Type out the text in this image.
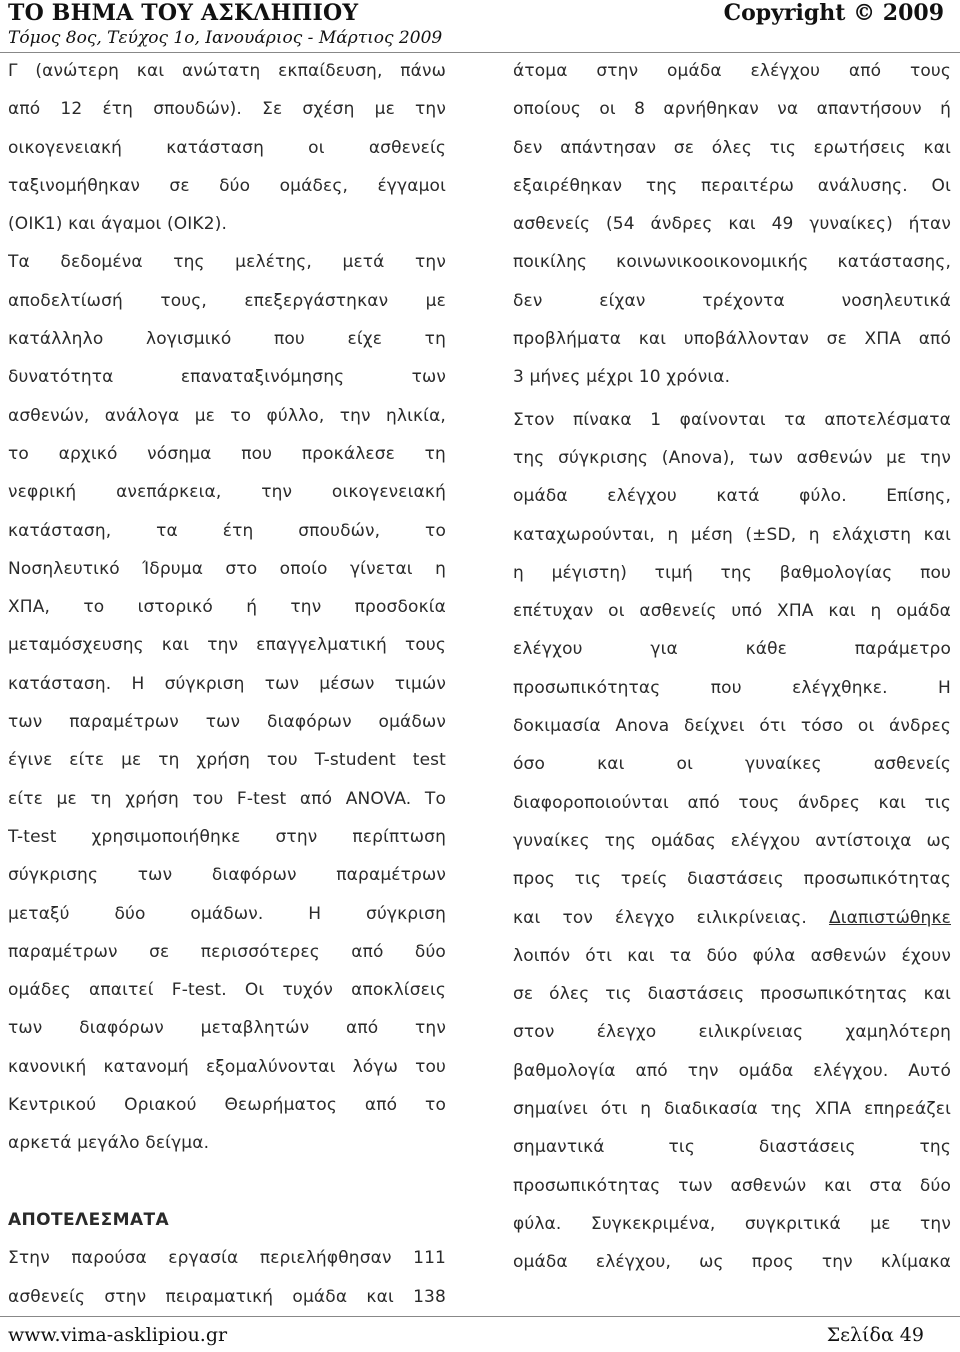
ΤΟ ΒΗΜΑ ΤΟΥ ΑΣΚΛΗΠΙΟΥ	Copyright © 2009
Τόμος 8ος, Τεύχος 1ο, Ιανουάριος - Μάρτιος 2009
Γ (ανώτερη και ανώτατη εκπαίδευση, πάνω
από 12 έτη σπουδών). Σε σχέση με την
οικογενειακή κατάσταση οι ασθενείς
ταξινομήθηκαν σε δύο ομάδες, έγγαμοι
(ΟΙΚ1) και άγαμοι (ΟΙΚ2).
Τα δεδομένα της μελέτης, μετά την
αποδελτίωσή τους, επεξεργάστηκαν με
κατάλληλο λογισμικό που είχε τη
δυνατότητα επαναταξινόμησης των
ασθενών, ανάλογα με το φύλλο, την ηλικία,
το αρχικό νόσημα που προκάλεσε τη
νεφρική ανεπάρκεια, την οικογενειακή
κατάσταση, τα έτη σπουδών, το
Νοσηλευτικό Ίδρυμα στο οποίο γίνεται η
ΧΠΑ, το ιστορικό ή την προσδοκία
μεταμόσχευσης και την επαγγελματική τους
κατάσταση. Η σύγκριση των μέσων τιμών
των παραμέτρων των διαφόρων ομάδων
έγινε είτε με τη χρήση του T-student test
είτε με τη χρήση του F-test από ANOVA. Το
T-test χρησιμοποιήθηκε στην περίπτωση
σύγκρισης των διαφόρων παραμέτρων
μεταξύ δύο ομάδων. Η σύγκριση
παραμέτρων σε περισσότερες από δύο
ομάδες απαιτεί F-test. Οι τυχόν αποκλίσεις
των διαφόρων μεταβλητών από την
κανονική κατανομή εξομαλύνονται λόγω του
Κεντρικού Οριακού Θεωρήματος από το
αρκετά μεγάλο δείγμα.
ΑΠΟΤΕΛΕΣΜΑΤΑ
Στην παρούσα εργασία περιελήφθησαν 111
ασθενείς στην πειραματική ομάδα και 138
άτομα στην ομάδα ελέγχου από τους
οποίους οι 8 αρνήθηκαν να απαντήσουν ή
δεν απάντησαν σε όλες τις ερωτήσεις και
εξαιρέθηκαν της περαιτέρω ανάλυσης. Οι
ασθενείς (54 άνδρες και 49 γυναίκες) ήταν
ποικίλης κοινωνικοοικονομικής κατάστασης,
δεν είχαν τρέχοντα νοσηλευτικά
προβλήματα και υποβάλλονταν σε ΧΠΑ από
3 μήνες μέχρι 10 χρόνια.
Στον πίνακα 1 φαίνονται τα αποτελέσματα
της σύγκρισης (Anova), των ασθενών με την
ομάδα ελέγχου κατά φύλο. Επίσης,
καταχωρούνται, η μέση (±SD, η ελάχιστη και
η μέγιστη) τιμή της βαθμολογίας που
επέτυχαν οι ασθενείς υπό ΧΠΑ και η ομάδα
ελέγχου για κάθε παράμετρο
προσωπικότητας που ελέγχθηκε. Η
δοκιμασία Anova δείχνει ότι τόσο οι άνδρες
όσο και οι γυναίκες ασθενείς
διαφοροποιούνται από τους άνδρες και τις
γυναίκες της ομάδας ελέγχου αντίστοιχα ως
προς τις τρείς διαστάσεις προσωπικότητας
και τον έλεγχο ειλικρίνειας. Διαπιστώθηκε
λοιπόν ότι και τα δύο φύλα ασθενών έχουν
σε όλες τις διαστάσεις προσωπικότητας και
στον έλεγχο ειλικρίνειας χαμηλότερη
βαθμολογία από την ομάδα ελέγχου. Αυτό
σημαίνει ότι η διαδικασία της ΧΠΑ επηρεάζει
σημαντικά τις διαστάσεις της
προσωπικότητας των ασθενών και στα δύο
φύλα. Συγκεκριμένα, συγκριτικά με την
ομάδα ελέγχου, ως προς την κλίμακα
www.vima-asklipiou.gr	Σελίδα 49
